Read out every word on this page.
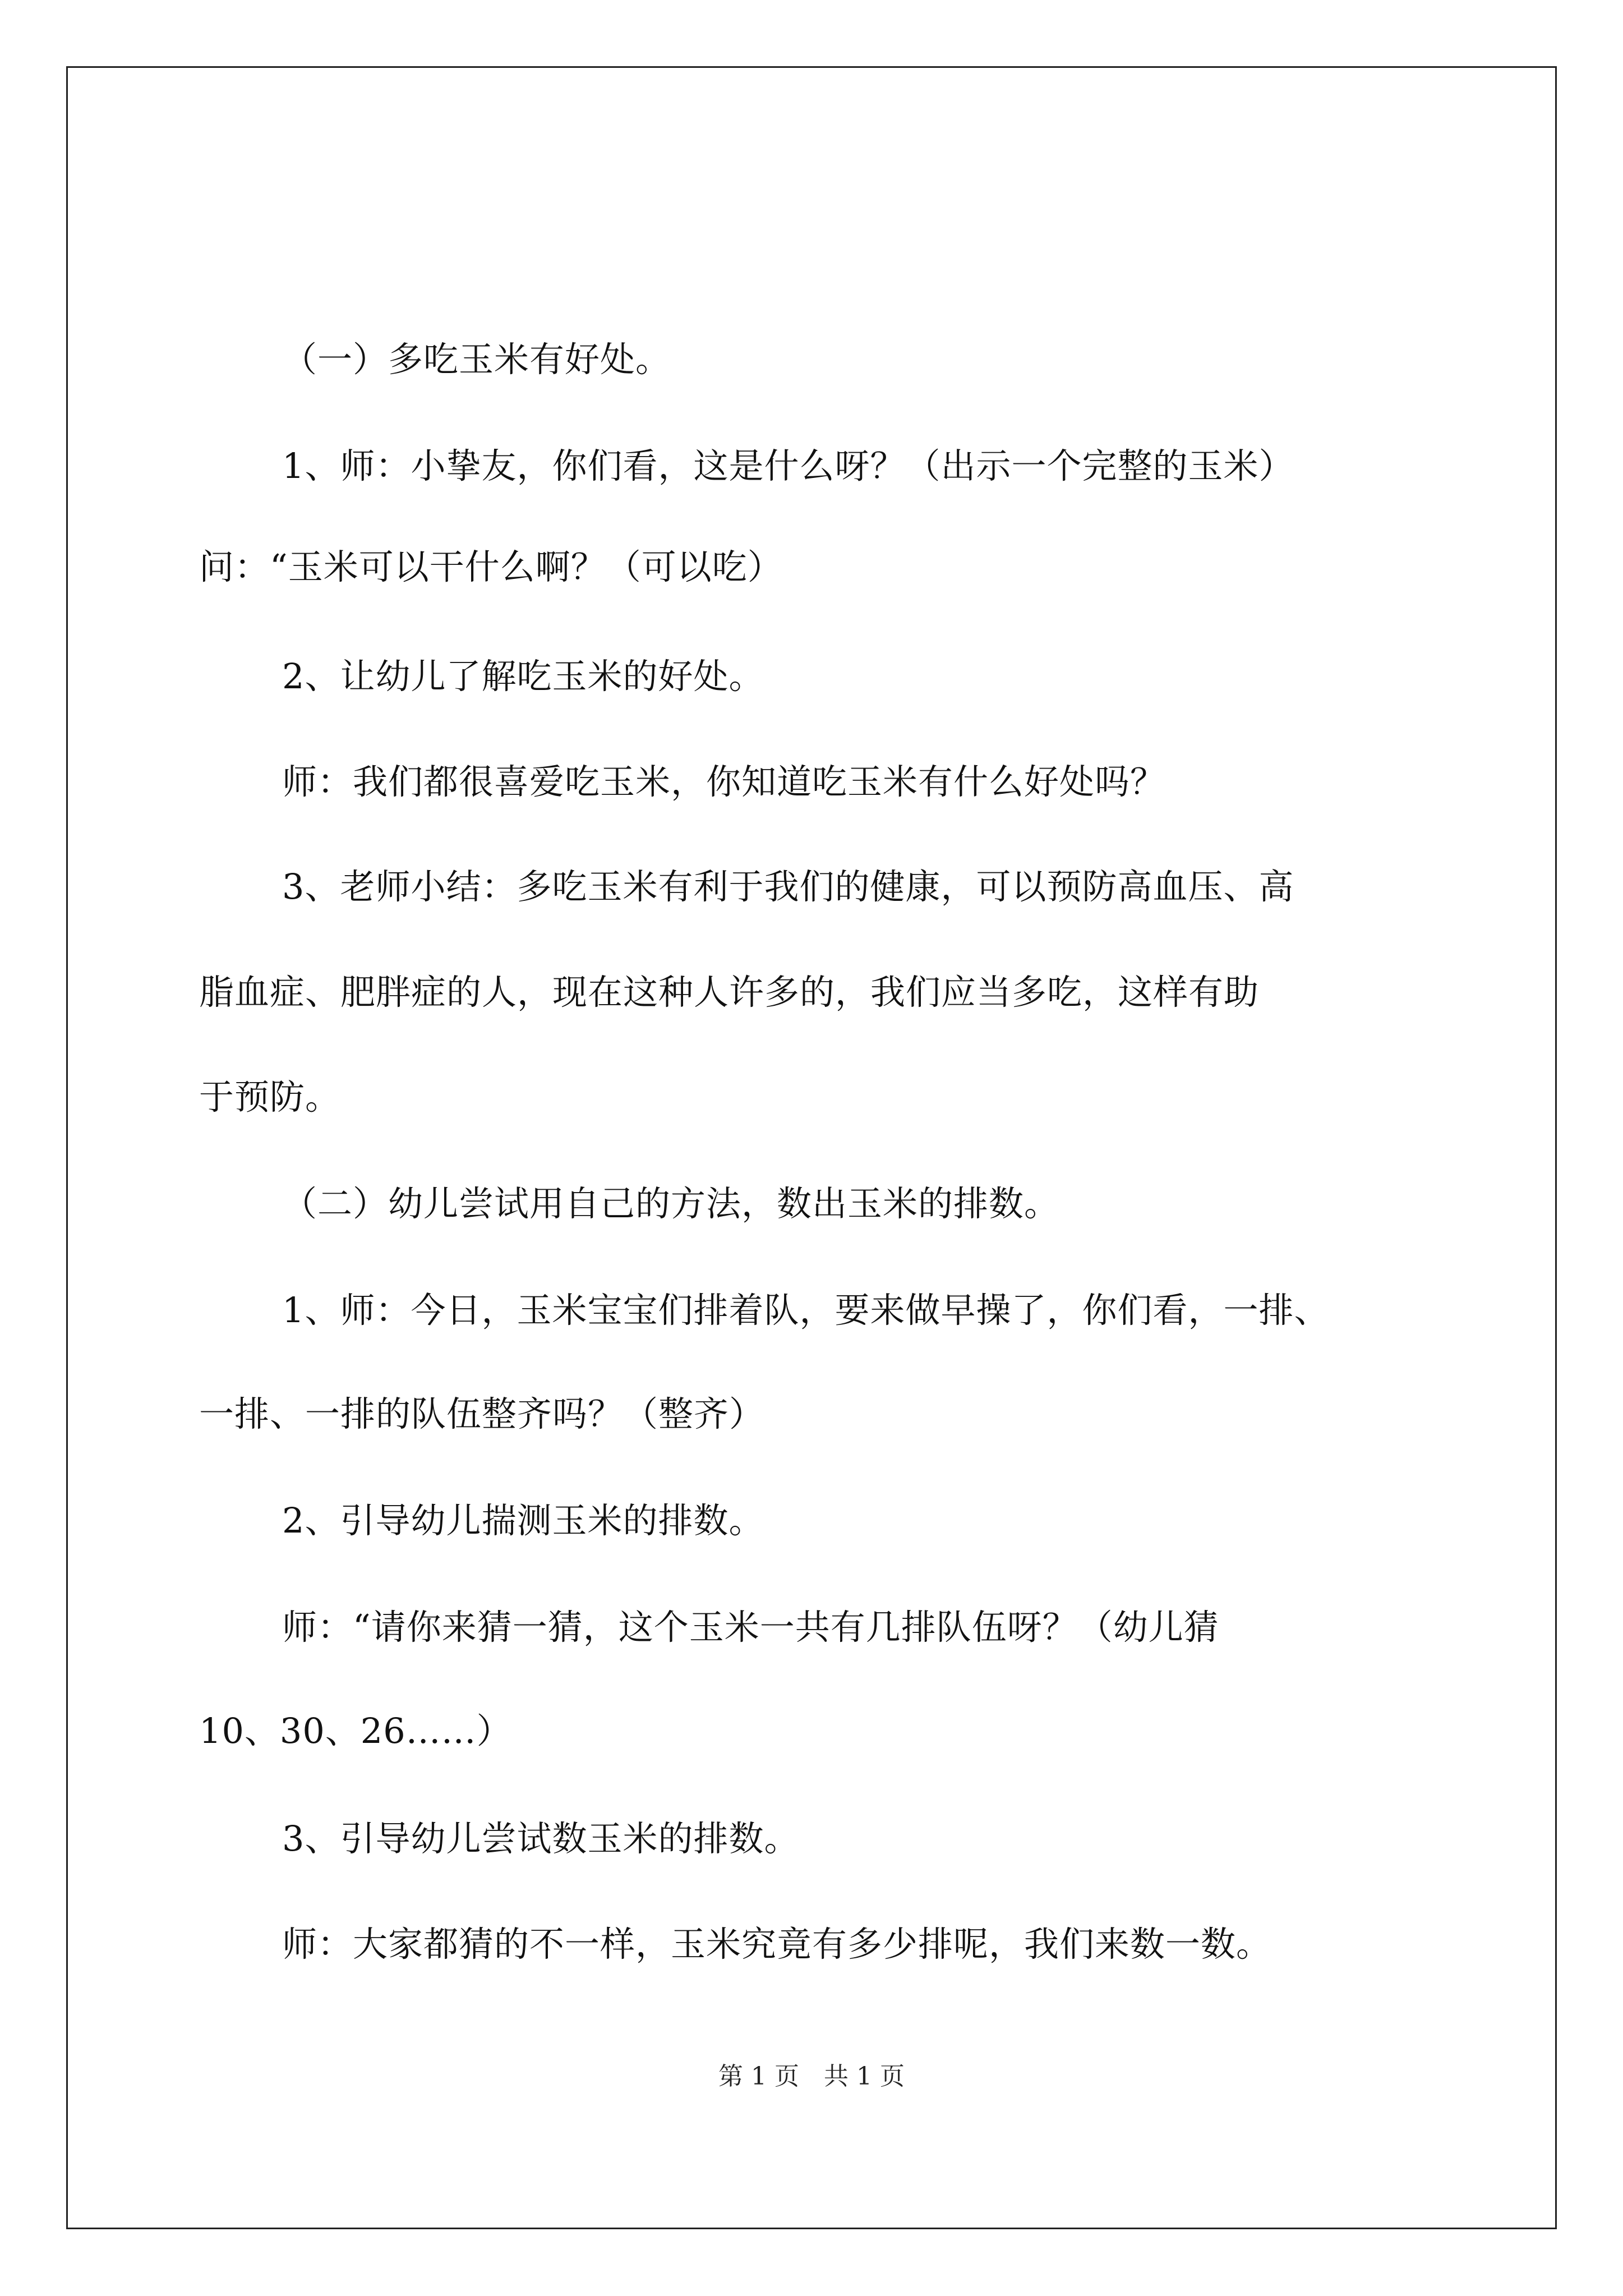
（一）多吃玉米有好处。
1、师：小挚友，你们看，这是什么呀？（出示一个完整的玉米）
问：“玉米可以干什么啊？（可以吃）
2、让幼儿了解吃玉米的好处。
师：我们都很喜爱吃玉米，你知道吃玉米有什么好处吗？
3、老师小结：多吃玉米有利于我们的健康，可以预防高血压、高
脂血症、肥胖症的人，现在这种人许多的，我们应当多吃，这样有助
于预防。
（二）幼儿尝试用自己的方法，数出玉米的排数。
1、师：今日，玉米宝宝们排着队，要来做早操了，你们看，一排、
一排、一排的队伍整齐吗？（整齐）
2、引导幼儿揣测玉米的排数。
师：“请你来猜一猜，这个玉米一共有几排队伍呀？（幼儿猜
10、30、26……）
3、引导幼儿尝试数玉米的排数。
师：大家都猜的不一样，玉米究竟有多少排呢，我们来数一数。
第 1 页　共 1 页
